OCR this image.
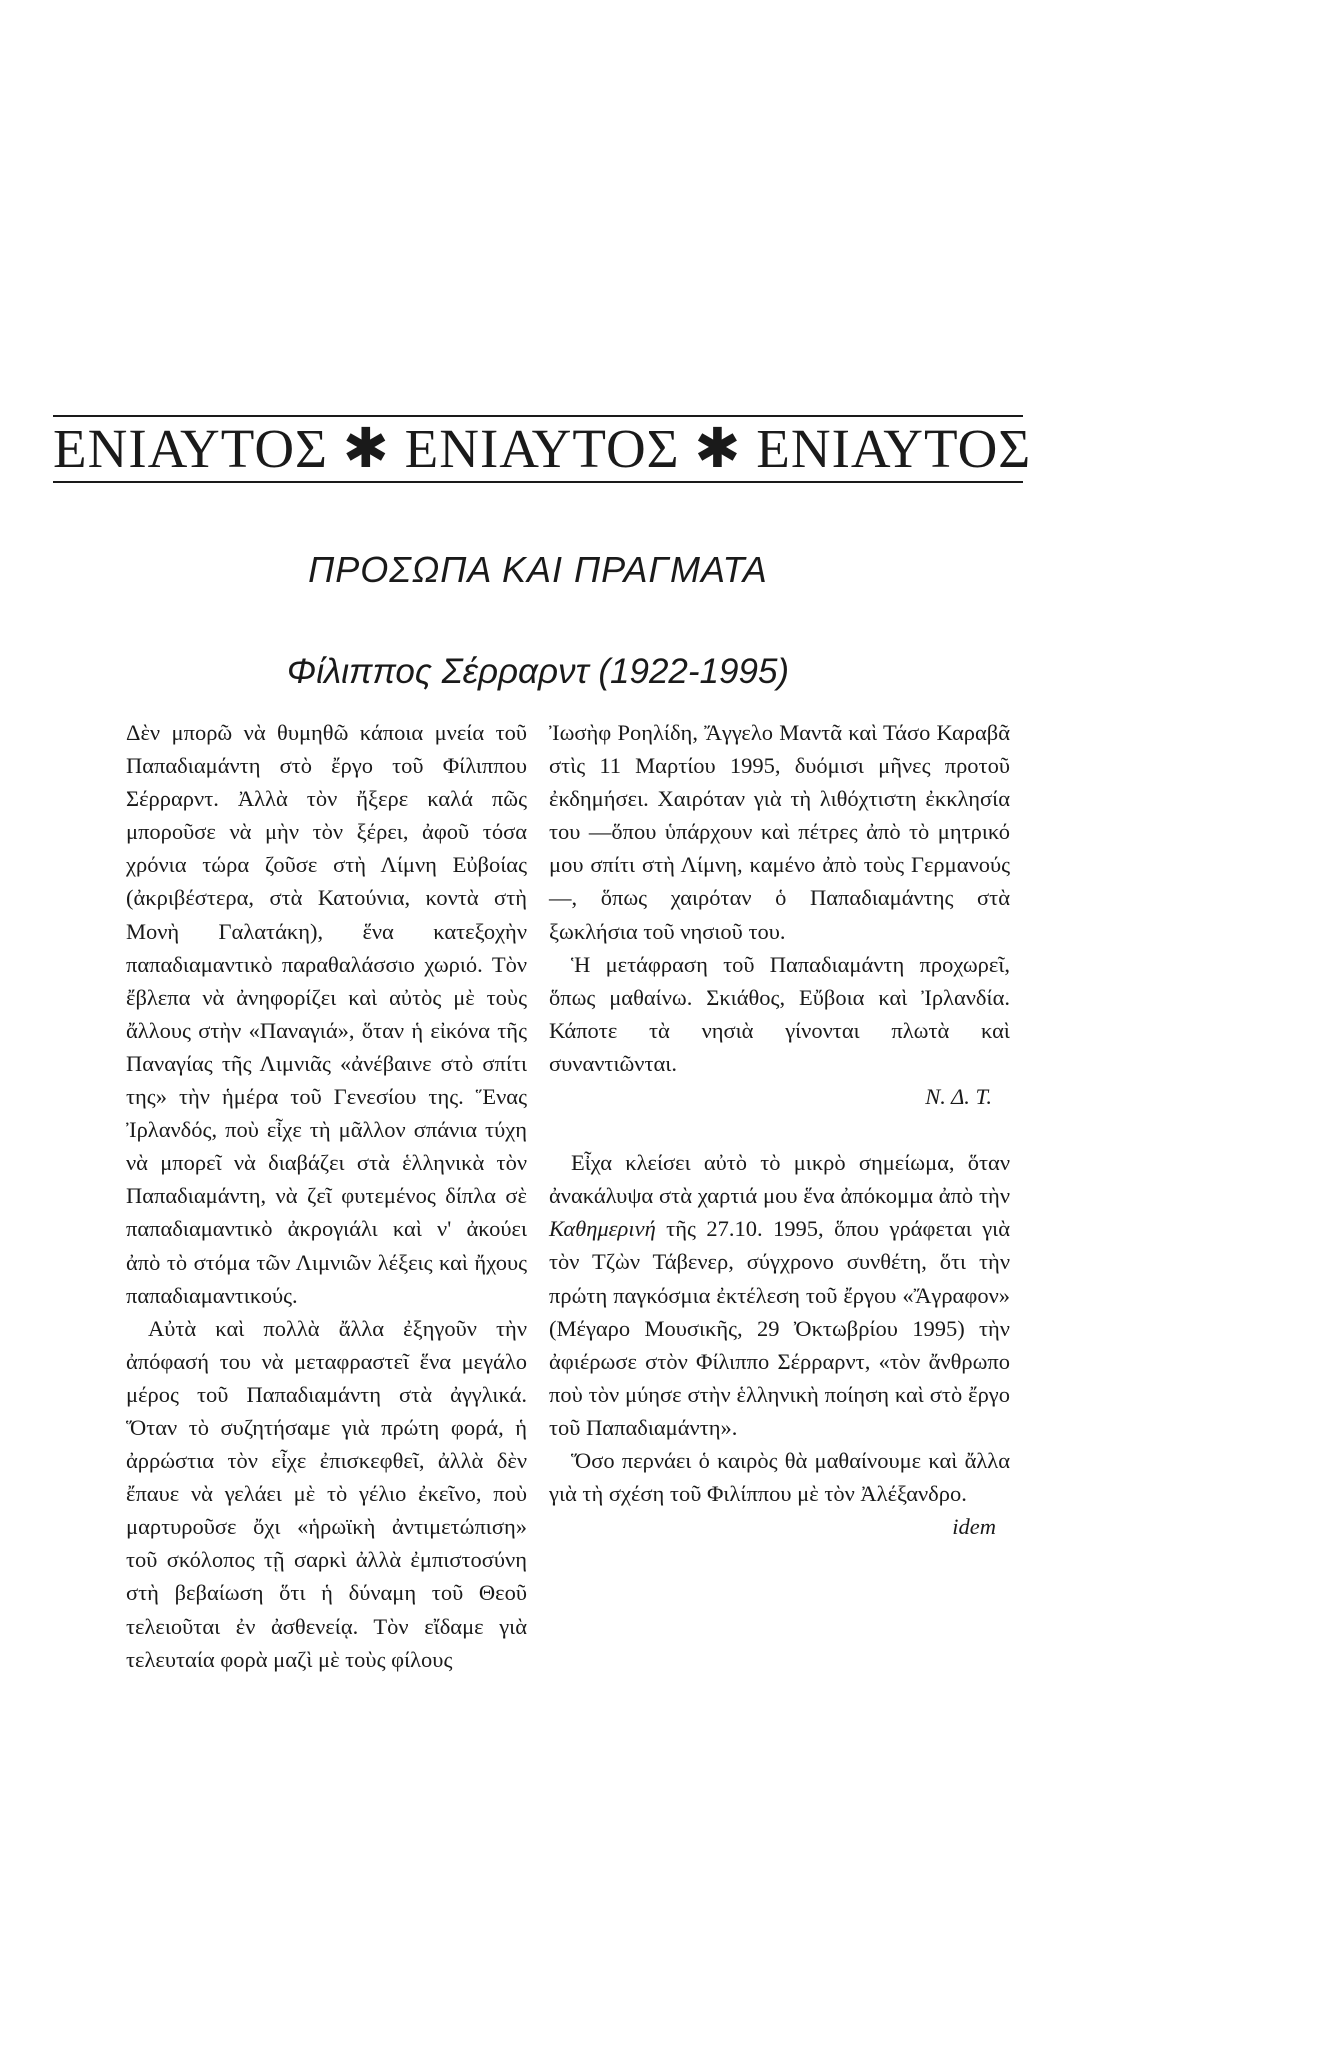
ΕΝΙΑΥΤΟΣ ✱ ΕΝΙΑΥΤΟΣ ✱ ΕΝΙΑΥΤΟΣ
ΠΡΟΣΩΠΑ ΚΑΙ ΠΡΑΓΜΑΤΑ
Φίλιππος Σέρραρντ (1922-1995)

Δὲν μπορῶ νὰ θυμηθῶ κάποια μνεία τοῦ Παπαδιαμάντη στὸ ἔργο τοῦ Φίλιππου Σέρραρντ. Ἀλλὰ τὸν ἤξερε καλά πῶς μποροῦσε νὰ μὴν τὸν ξέρει, ἀφοῦ τόσα χρόνια τώρα ζοῦσε στὴ Λίμνη Εὐβοίας (ἀκριβέστερα, στὰ Κατούνια, κοντὰ στὴ Μονὴ Γαλατάκη), ἕνα κατεξοχὴν παπαδιαμαντικὸ παραθαλάσσιο χωριό. Τὸν ἔβλεπα νὰ ἀνηφορίζει καὶ αὐτὸς μὲ τοὺς ἄλλους στὴν «Παναγιά», ὅταν ἡ εἰκόνα τῆς Παναγίας τῆς Λιμνιᾶς «ἀνέβαινε στὸ σπίτι της» τὴν ἡμέρα τοῦ Γενεσίου της. Ἕνας Ἰρλανδός, ποὺ εἶχε τὴ μᾶλλον σπάνια τύχη νὰ μπορεῖ νὰ διαβάζει στὰ ἑλληνικὰ τὸν Παπαδιαμάντη, νὰ ζεῖ φυτεμένος δίπλα σὲ παπαδιαμαντικὸ ἀκρογιάλι καὶ ν' ἀκούει ἀπὸ τὸ στόμα τῶν Λιμνιῶν λέξεις καὶ ἤχους παπαδιαμαντικούς.

Αὐτὰ καὶ πολλὰ ἄλλα ἐξηγοῦν τὴν ἀπόφασή του νὰ μεταφραστεῖ ἕνα μεγάλο μέρος τοῦ Παπαδιαμάντη στὰ ἀγγλικά. Ὅταν τὸ συζητήσαμε γιὰ πρώτη φορά, ἡ ἀρρώστια τὸν εἶχε ἐπισκεφθεῖ, ἀλλὰ δὲν ἔπαυε νὰ γελάει μὲ τὸ γέλιο ἐκεῖνο, ποὺ μαρτυροῦσε ὄχι «ἡρωϊκὴ ἀντιμετώπιση» τοῦ σκόλοπος τῇ σαρκὶ ἀλλὰ ἐμπιστοσύνη στὴ βεβαίωση ὅτι ἡ δύναμη τοῦ Θεοῦ τελειοῦται ἐν ἀσθενείᾳ. Τὸν εἴδαμε γιὰ τελευταία φορὰ μαζὶ μὲ τοὺς φίλους

Ἰωσὴφ Ροηλίδη, Ἄγγελο Μαντᾶ καὶ Τάσο Καραβᾶ στὶς 11 Μαρτίου 1995, δυόμισι μῆνες προτοῦ ἐκδημήσει. Χαιρόταν γιὰ τὴ λιθόχτιστη ἐκκλησία του —ὅπου ὑπάρχουν καὶ πέτρες ἀπὸ τὸ μητρικό μου σπίτι στὴ Λίμνη, καμένο ἀπὸ τοὺς Γερμανούς—, ὅπως χαιρόταν ὁ Παπαδιαμάντης στὰ ξωκλήσια τοῦ νησιοῦ του.

Ἡ μετάφραση τοῦ Παπαδιαμάντη προχωρεῖ, ὅπως μαθαίνω. Σκιάθος, Εὔβοια καὶ Ἰρλανδία. Κάποτε τὰ νησιὰ γίνονται πλωτὰ καὶ συναντιῶνται.

Ν. Δ. Τ.

Εἶχα κλείσει αὐτὸ τὸ μικρὸ σημείωμα, ὅταν ἀνακάλυψα στὰ χαρτιά μου ἕνα ἀπόκομμα ἀπὸ τὴν Καθημερινή τῆς 27.10. 1995, ὅπου γράφεται γιὰ τὸν Τζὼν Τάβενερ, σύγχρονο συνθέτη, ὅτι τὴν πρώτη παγκόσμια ἐκτέλεση τοῦ ἔργου «Ἄγραφον» (Μέγαρο Μουσικῆς, 29 Ὀκτωβρίου 1995) τὴν ἀφιέρωσε στὸν Φίλιππο Σέρραρντ, «τὸν ἄνθρωπο ποὺ τὸν μύησε στὴν ἑλληνικὴ ποίηση καὶ στὸ ἔργο τοῦ Παπαδιαμάντη».

Ὅσο περνάει ὁ καιρὸς θὰ μαθαίνουμε καὶ ἄλλα γιὰ τὴ σχέση τοῦ Φιλίππου μὲ τὸν Ἀλέξανδρο.

idem
